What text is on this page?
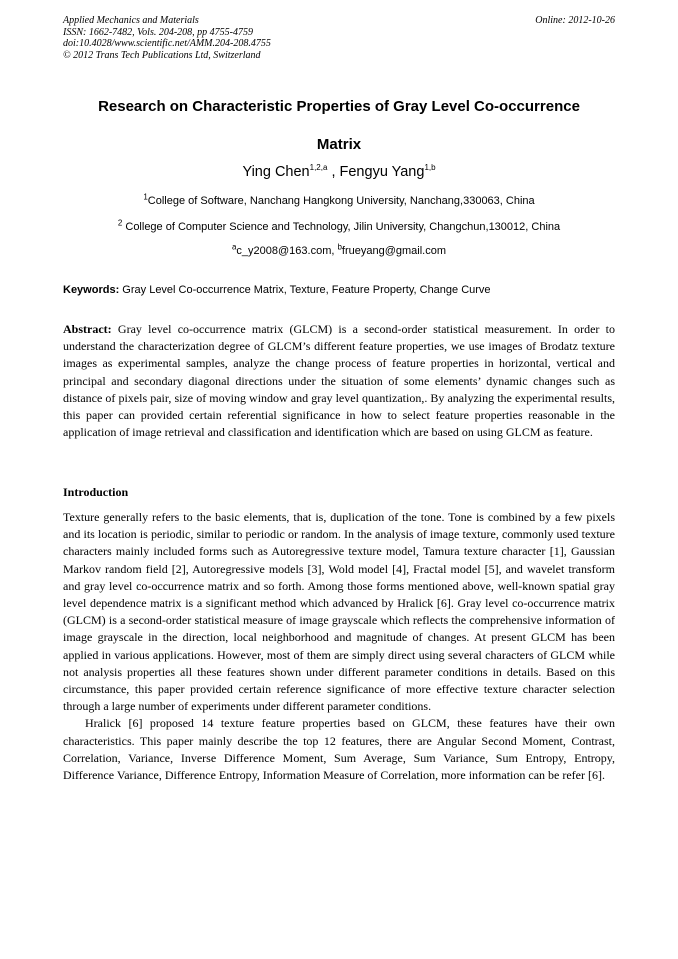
Applied Mechanics and Materials
ISSN: 1662-7482, Vols. 204-208, pp 4755-4759
doi:10.4028/www.scientific.net/AMM.204-208.4755
© 2012 Trans Tech Publications Ltd, Switzerland
Online: 2012-10-26
Research on Characteristic Properties of Gray Level Co-occurrence
Matrix
Ying Chen$^{1,2,a}$ , Fengyu Yang$^{1,b}$
$^1$College of Software, Nanchang Hangkong University, Nanchang,330063, China
$^2$ College of Computer Science and Technology, Jilin University, Changchun,130012, China
$^a$c_y2008@163.com, $^b$frueyang@gmail.com
Keywords: Gray Level Co-occurrence Matrix, Texture, Feature Property, Change Curve
Abstract: Gray level co-occurrence matrix (GLCM) is a second-order statistical measurement. In order to understand the characterization degree of GLCM’s different feature properties, we use images of Brodatz texture images as experimental samples, analyze the change process of feature properties in horizontal, vertical and principal and secondary diagonal directions under the situation of some elements’ dynamic changes such as distance of pixels pair, size of moving window and gray level quantization,. By analyzing the experimental results, this paper can provided certain referential significance in how to select feature properties reasonable in the application of image retrieval and classification and identification which are based on using GLCM as feature.
Introduction

Texture generally refers to the basic elements, that is, duplication of the tone. Tone is combined by a few pixels and its location is periodic, similar to periodic or random. In the analysis of image texture, commonly used texture characters mainly included forms such as Autoregressive texture model, Tamura texture character [1], Gaussian Markov random field [2], Autoregressive models [3], Wold model [4], Fractal model [5], and wavelet transform and gray level co-occurrence matrix and so forth. Among those forms mentioned above, well-known spatial gray level dependence matrix is a significant method which advanced by Hralick [6]. Gray level co-occurrence matrix (GLCM) is a second-order statistical measure of image grayscale which reflects the comprehensive information of image grayscale in the direction, local neighborhood and magnitude of changes. At present GLCM has been applied in various applications. However, most of them are simply direct using several characters of GLCM while not analysis properties all these features shown under different parameter conditions in details. Based on this circumstance, this paper provided certain reference significance of more effective texture character selection through a large number of experiments under different parameter conditions.

Hralick [6] proposed 14 texture feature properties based on GLCM, these features have their own characteristics. This paper mainly describe the top 12 features, there are Angular Second Moment, Contrast, Correlation, Variance, Inverse Difference Moment, Sum Average, Sum Variance, Sum Entropy, Entropy, Difference Variance, Difference Entropy, Information Measure of Correlation, more information can be refer [6].
